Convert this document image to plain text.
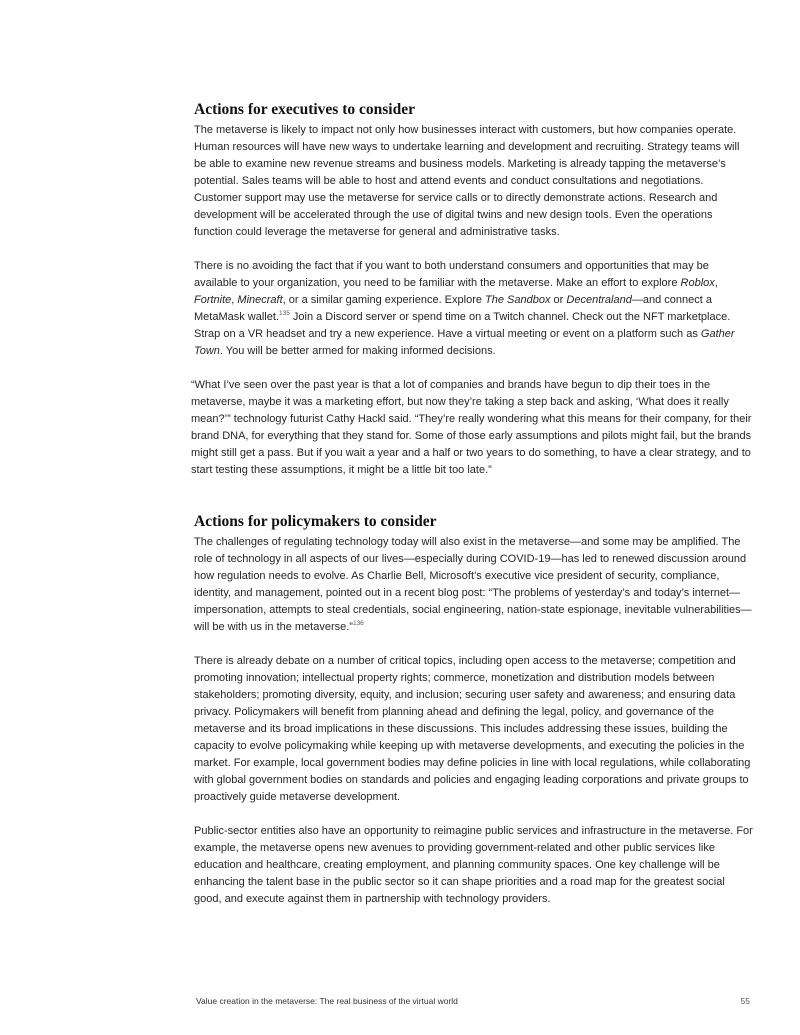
Actions for executives to consider

The metaverse is likely to impact not only how businesses interact with customers, but how companies operate. Human resources will have new ways to undertake learning and development and recruiting. Strategy teams will be able to examine new revenue streams and business models. Marketing is already tapping the metaverse’s potential. Sales teams will be able to host and attend events and conduct consultations and negotiations. Customer support may use the metaverse for service calls or to directly demonstrate actions. Research and development will be accelerated through the use of digital twins and new design tools. Even the operations function could leverage the metaverse for general and administrative tasks.

There is no avoiding the fact that if you want to both understand consumers and opportunities that may be available to your organization, you need to be familiar with the metaverse. Make an effort to explore Roblox, Fortnite, Minecraft, or a similar gaming experience. Explore The Sandbox or Decentraland—and connect a MetaMask wallet.$^{135}$ Join a Discord server or spend time on a Twitch channel. Check out the NFT marketplace. Strap on a VR headset and try a new experience. Have a virtual meeting or event on a platform such as Gather Town. You will be better armed for making informed decisions.

“What I’ve seen over the past year is that a lot of companies and brands have begun to dip their toes in the metaverse, maybe it was a marketing effort, but now they’re taking a step back and asking, ‘What does it really mean?’” technology futurist Cathy Hackl said. “They’re really wondering what this means for their company, for their brand DNA, for everything that they stand for. Some of those early assumptions and pilots might fail, but the brands might still get a pass. But if you wait a year and a half or two years to do something, to have a clear strategy, and to start testing these assumptions, it might be a little bit too late.”

Actions for policymakers to consider

The challenges of regulating technology today will also exist in the metaverse—and some may be amplified. The role of technology in all aspects of our lives—especially during COVID-19—has led to renewed discussion around how regulation needs to evolve. As Charlie Bell, Microsoft’s executive vice president of security, compliance, identity, and management, pointed out in a recent blog post: “The problems of yesterday’s and today’s internet—impersonation, attempts to steal credentials, social engineering, nation-state espionage, inevitable vulnerabilities—will be with us in the metaverse.”$^{136}$

There is already debate on a number of critical topics, including open access to the metaverse; competition and promoting innovation; intellectual property rights; commerce, monetization and distribution models between stakeholders; promoting diversity, equity, and inclusion; securing user safety and awareness; and ensuring data privacy. Policymakers will benefit from planning ahead and defining the legal, policy, and governance of the metaverse and its broad implications in these discussions. This includes addressing these issues, building the capacity to evolve policymaking while keeping up with metaverse developments, and executing the policies in the market. For example, local government bodies may define policies in line with local regulations, while collaborating with global government bodies on standards and policies and engaging leading corporations and private groups to proactively guide metaverse development.

Public-sector entities also have an opportunity to reimagine public services and infrastructure in the metaverse. For example, the metaverse opens new avenues to providing government-related and other public services like education and healthcare, creating employment, and planning community spaces. One key challenge will be enhancing the talent base in the public sector so it can shape priorities and a road map for the greatest social good, and execute against them in partnership with technology providers.

Value creation in the metaverse: The real business of the virtual world	55
